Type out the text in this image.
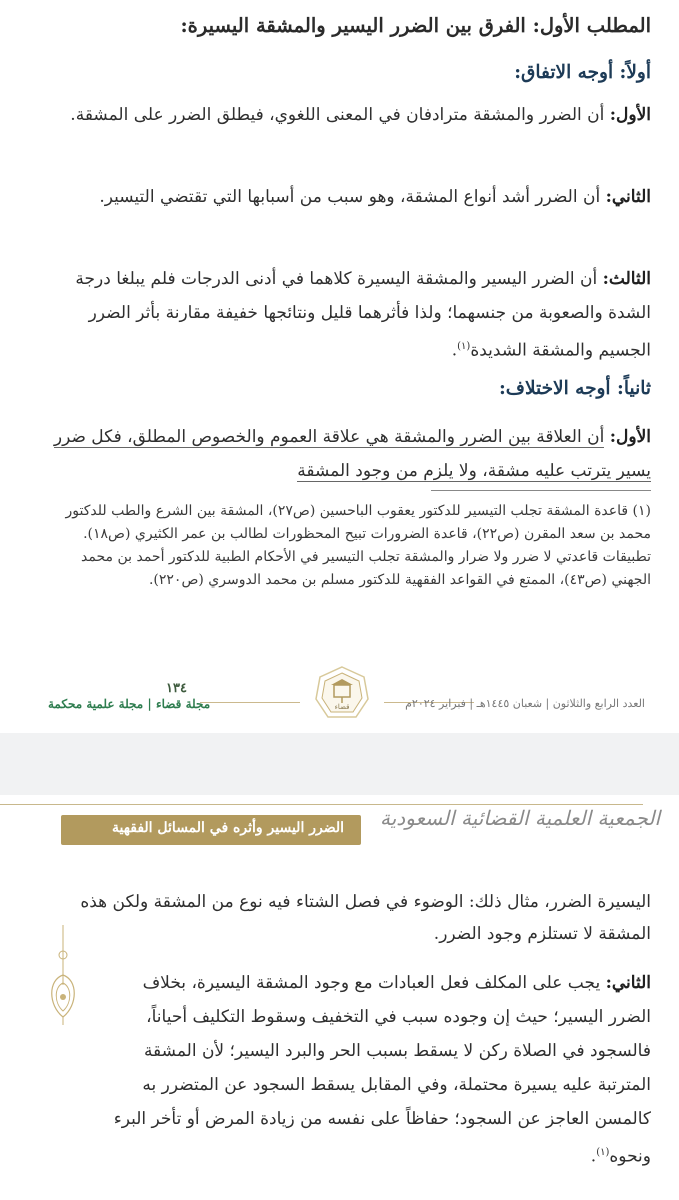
المطلب الأول: الفرق بين الضرر اليسير والمشقة اليسيرة:
أولاً: أوجه الاتفاق:
الأول: أن الضرر والمشقة مترادفان في المعنى اللغوي، فيطلق الضرر على المشقة.
الثاني: أن الضرر أشد أنواع المشقة، وهو سبب من أسبابها التي تقتضي التيسير.
الثالث: أن الضرر اليسير والمشقة اليسيرة كلاهما في أدنى الدرجات فلم يبلغا درجة الشدة والصعوبة من جنسهما؛ ولذا فأثرهما قليل ونتائجها خفيفة مقارنة بأثر الضرر الجسيم والمشقة الشديدة$^{(١)}$.
ثانياً: أوجه الاختلاف:
الأول: أن العلاقة بين الضرر والمشقة هي علاقة العموم والخصوص المطلق، فكل ضرر يسير يترتب عليه مشقة، ولا يلزم من وجود المشقة
(١) قاعدة المشقة تجلب التيسير للدكتور يعقوب الباحسين (ص٢٧)، المشقة بين الشرع والطب للدكتور محمد بن سعد المقرن (ص٢٢)، قاعدة الضرورات تبيح المحظورات لطالب بن عمر الكثيري (ص١٨). تطبيقات قاعدتي لا ضرر ولا ضرار والمشقة تجلب التيسير في الأحكام الطبية للدكتور أحمد بن محمد الجهني (ص٤٣)، الممتع في القواعد الفقهية للدكتور مسلم بن محمد الدوسري (ص٢٢٠).
١٣٤
مجلة قضاء | مجلة علمية محكمة	العدد الرابع والثلاثون | شعبان ١٤٤٥هـ | فبراير ٢٠٢٤م
قضاء
الضرر اليسير وأثره في المسائل الفقهية الجمعية العلمية القضائية السعودية
اليسيرة الضرر، مثال ذلك: الوضوء في فصل الشتاء فيه نوع من المشقة ولكن هذه المشقة لا تستلزم وجود الضرر.
الثاني: يجب على المكلف فعل العبادات مع وجود المشقة اليسيرة، بخلاف الضرر اليسير؛ حيث إن وجوده سبب في التخفيف وسقوط التكليف أحياناً، فالسجود في الصلاة ركن لا يسقط بسبب الحر والبرد اليسير؛ لأن المشقة المترتبة عليه يسيرة محتملة، وفي المقابل يسقط السجود عن المتضرر به كالمسن العاجز عن السجود؛ حفاظاً على نفسه من زيادة المرض أو تأخر البرء ونحوه$^{(١)}$.
